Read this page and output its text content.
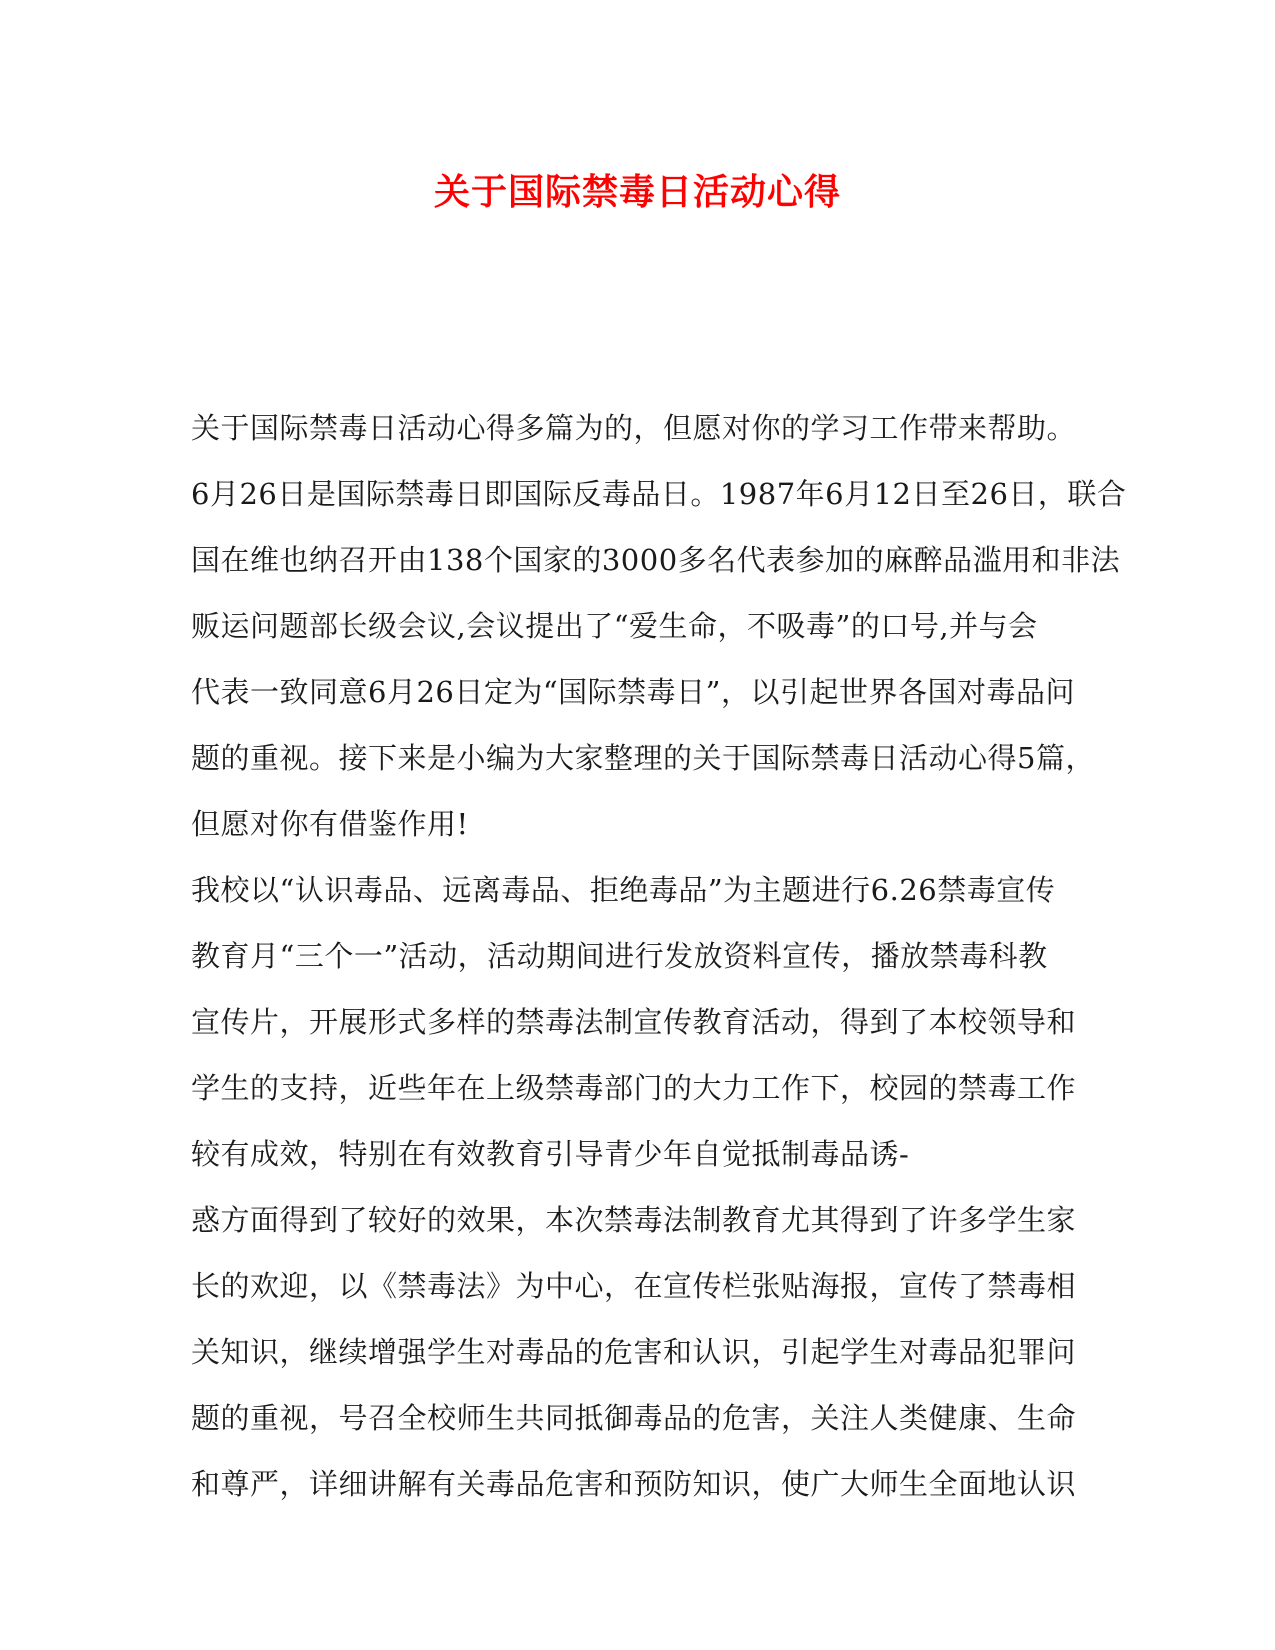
关于国际禁毒日活动心得
关于国际禁毒日活动心得多篇为的，但愿对你的学习工作带来帮助。
6月26日是国际禁毒日即国际反毒品日。1987年6月12日至26日，联合
国在维也纳召开由138个国家的3000多名代表参加的麻醉品滥用和非法
贩运问题部长级会议,会议提出了“爱生命，不吸毒”的口号,并与会
代表一致同意6月26日定为“国际禁毒日”，以引起世界各国对毒品问
题的重视。接下来是小编为大家整理的关于国际禁毒日活动心得5篇，
但愿对你有借鉴作用!
我校以“认识毒品、远离毒品、拒绝毒品”为主题进行6.26禁毒宣传
教育月“三个一”活动，活动期间进行发放资料宣传，播放禁毒科教
宣传片，开展形式多样的禁毒法制宣传教育活动，得到了本校领导和
学生的支持，近些年在上级禁毒部门的大力工作下，校园的禁毒工作
较有成效，特别在有效教育引导青少年自觉抵制毒品诱-
惑方面得到了较好的效果，本次禁毒法制教育尤其得到了许多学生家
长的欢迎，以《禁毒法》为中心，在宣传栏张贴海报，宣传了禁毒相
关知识，继续增强学生对毒品的危害和认识，引起学生对毒品犯罪问
题的重视，号召全校师生共同抵御毒品的危害，关注人类健康、生命
和尊严，详细讲解有关毒品危害和预防知识，使广大师生全面地认识
